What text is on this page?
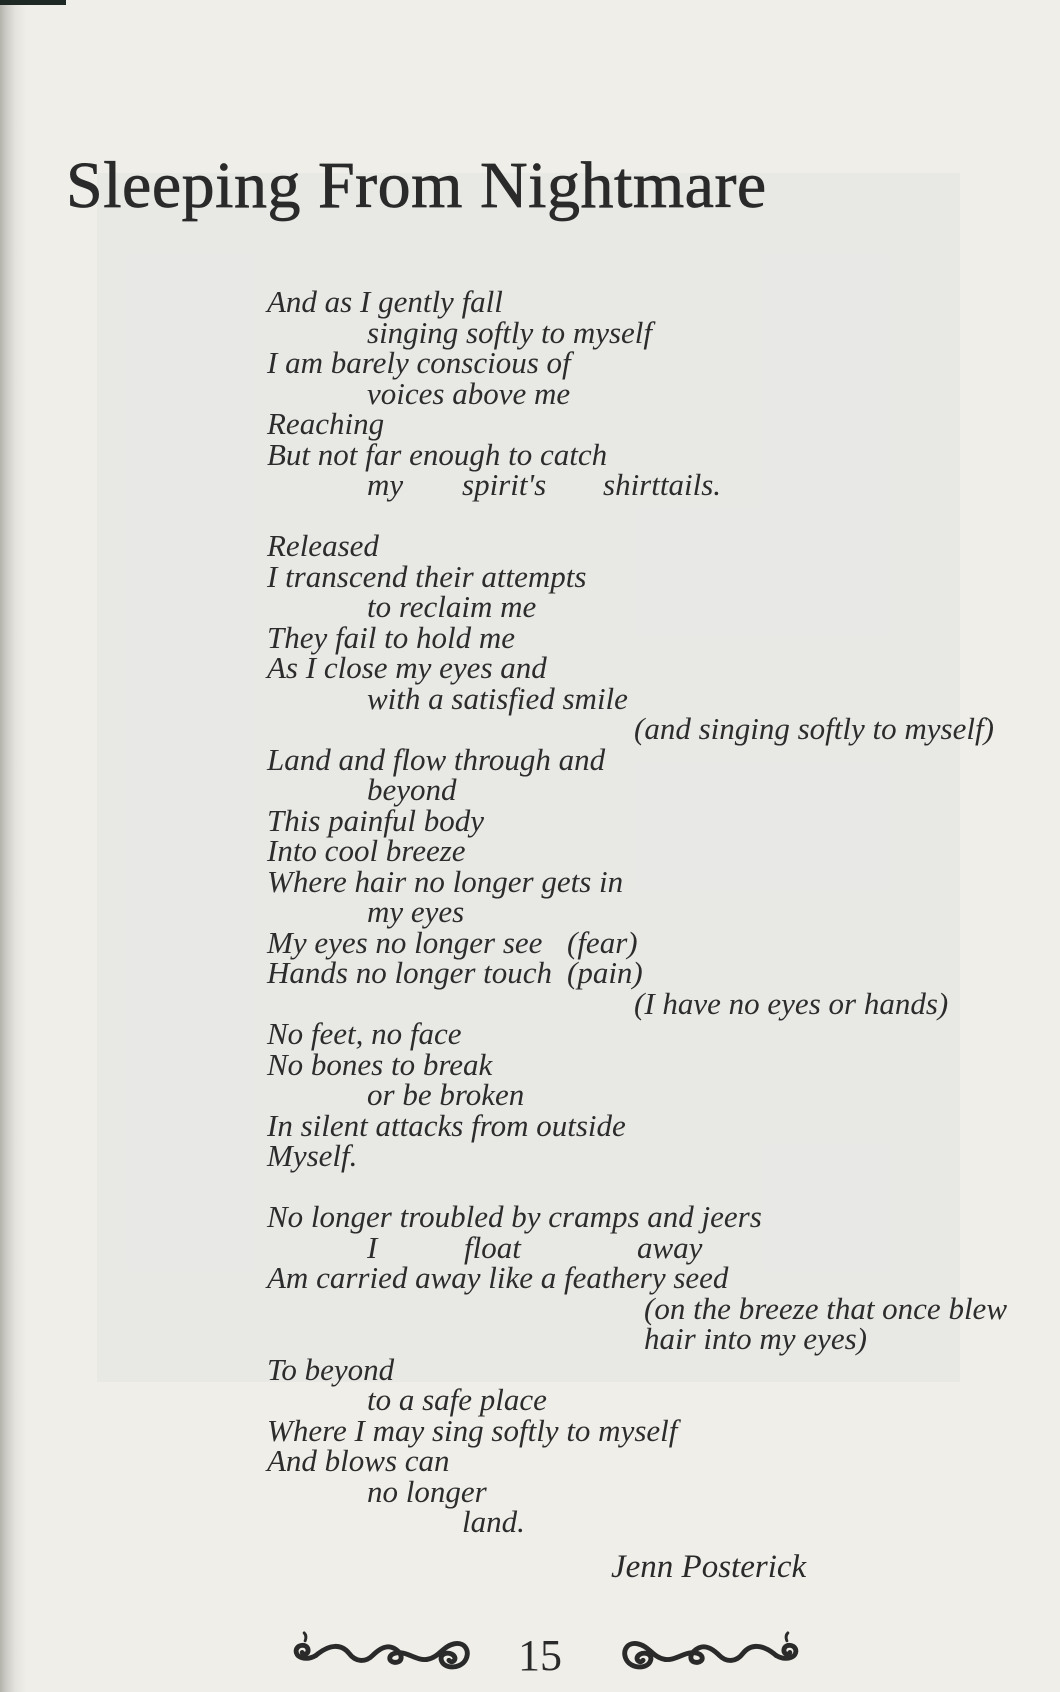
Sleeping From Nightmare
And as I gently fall
singing softly to myself
I am barely conscious of
voices above me
Reaching
But not far enough to catch
my spirit's shirttails.
Released
I transcend their attempts
to reclaim me
They fail to hold me
As I close my eyes and
with a satisfied smile
(and singing softly to myself)
Land and flow through and
beyond
This painful body
Into cool breeze
Where hair no longer gets in
my eyes
My eyes no longer see (fear)
Hands no longer touch (pain)
(I have no eyes or hands)
No feet, no face
No bones to break
or be broken
In silent attacks from outside
Myself.
No longer troubled by cramps and jeers
I	float	away
Am carried away like a feathery seed
(on the breeze that once blew
hair into my eyes)
To beyond
to a safe place
Where I may sing softly to myself
And blows can
no longer
land.
Jenn Posterick
15
